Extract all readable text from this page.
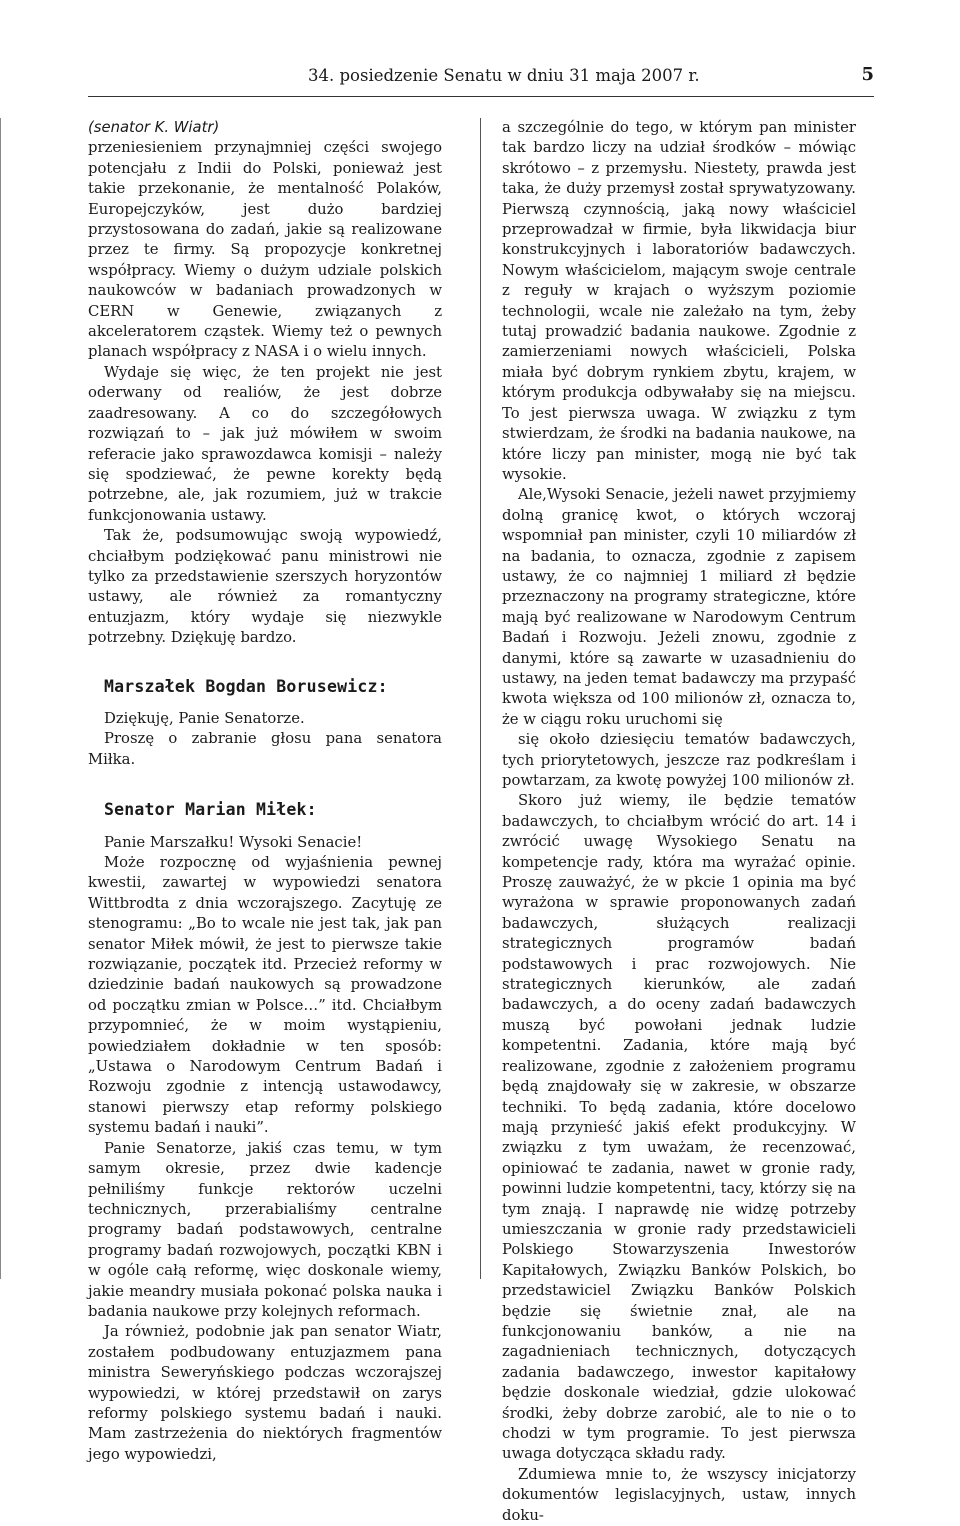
34. posiedzenie Senatu w dniu 31 maja 2007 r.	5

(senator K. Wiatr)

przeniesieniem przynajmniej części swojego potencjału z Indii do Polski, ponieważ jest takie przekonanie, że mentalność Polaków, Europejczyków, jest dużo bardziej przystosowana do zadań, jakie są realizowane przez te firmy. Są propozycje konkretnej współpracy. Wiemy o dużym udziale polskich naukowców w badaniach prowadzonych w CERN w Genewie, związanych z akceleratorem cząstek. Wiemy też o pewnych planach współpracy z NASA i o wielu innych.

Wydaje się więc, że ten projekt nie jest oderwany od realiów, że jest dobrze zaadresowany. A co do szczegółowych rozwiązań to – jak już mówiłem w swoim referacie jako sprawozdawca komisji – należy się spodziewać, że pewne korekty będą potrzebne, ale, jak rozumiem, już w trakcie funkcjonowania ustawy.

Tak że, podsumowując swoją wypowiedź, chciałbym podziękować panu ministrowi nie tylko za przedstawienie szerszych horyzontów ustawy, ale również za romantyczny entuzjazm, który wydaje się niezwykle potrzebny. Dziękuję bardzo.

Marszałek Bogdan Borusewicz:

Dziękuję, Panie Senatorze.

Proszę o zabranie głosu pana senatora Miłka.

Senator Marian Miłek:

Panie Marszałku! Wysoki Senacie!

Może rozpocznę od wyjaśnienia pewnej kwestii, zawartej w wypowiedzi senatora Wittbrodta z dnia wczorajszego. Zacytuję ze stenogramu: „Bo to wcale nie jest tak, jak pan senator Miłek mówił, że jest to pierwsze takie rozwiązanie, początek itd. Przecież reformy w dziedzinie badań naukowych są prowadzone od początku zmian w Polsce…” itd. Chciałbym przypomnieć, że w moim wystąpieniu, powiedziałem dokładnie w ten sposób: „Ustawa o Narodowym Centrum Badań i Rozwoju zgodnie z intencją ustawodawcy, stanowi pierwszy etap reformy polskiego systemu badań i nauki”.

Panie Senatorze, jakiś czas temu, w tym samym okresie, przez dwie kadencje pełniliśmy funkcje rektorów uczelni technicznych, przerabialiśmy centralne programy badań podstawowych, centralne programy badań rozwojowych, początki KBN i w ogóle całą reformę, więc doskonale wiemy, jakie meandry musiała pokonać polska nauka i badania naukowe przy kolejnych reformach.

Ja również, podobnie jak pan senator Wiatr, zostałem podbudowany entuzjazmem pana ministra Seweryńskiego podczas wczorajszej wypowiedzi, w której przedstawił on zarys reformy polskiego systemu badań i nauki. Mam zastrzeżenia do niektórych fragmentów jego wypowiedzi,

a szczególnie do tego, w którym pan minister tak bardzo liczy na udział środków – mówiąc skrótowo – z przemysłu. Niestety, prawda jest taka, że duży przemysł został sprywatyzowany. Pierwszą czynnością, jaką nowy właściciel przeprowadzał w firmie, była likwidacja biur konstrukcyjnych i laboratoriów badawczych. Nowym właścicielom, mającym swoje centrale z reguły w krajach o wyższym poziomie technologii, wcale nie zależało na tym, żeby tutaj prowadzić badania naukowe. Zgodnie z zamierzeniami nowych właścicieli, Polska miała być dobrym rynkiem zbytu, krajem, w którym produkcja odbywałaby się na miejscu. To jest pierwsza uwaga. W związku z tym stwierdzam, że środki na badania naukowe, na które liczy pan minister, mogą nie być tak wysokie.

Ale,Wysoki Senacie, jeżeli nawet przyjmiemy dolną granicę kwot, o których wczoraj wspomniał pan minister, czyli 10 miliardów zł na badania, to oznacza, zgodnie z zapisem ustawy, że co najmniej 1 miliard zł będzie przeznaczony na programy strategiczne, które mają być realizowane w Narodowym Centrum Badań i Rozwoju. Jeżeli znowu, zgodnie z danymi, które są zawarte w uzasadnieniu do ustawy, na jeden temat badawczy ma przypaść kwota większa od 100 milionów zł, oznacza to, że w ciągu roku uruchomi się

się około dziesięciu tematów badawczych, tych priorytetowych, jeszcze raz podkreślam i powtarzam, za kwotę powyżej 100 milionów zł.

Skoro już wiemy, ile będzie tematów badawczych, to chciałbym wrócić do art. 14 i zwrócić uwagę Wysokiego Senatu na kompetencje rady, która ma wyrażać opinie. Proszę zauważyć, że w pkcie 1 opinia ma być wyrażona w sprawie proponowanych zadań badawczych, służących realizacji strategicznych programów badań podstawowych i prac rozwojowych. Nie strategicznych kierunków, ale zadań badawczych, a do oceny zadań badawczych muszą być powołani jednak ludzie kompetentni. Zadania, które mają być realizowane, zgodnie z założeniem programu będą znajdowały się w zakresie, w obszarze techniki. To będą zadania, które docelowo mają przynieść jakiś efekt produkcyjny. W związku z tym uważam, że recenzować, opiniować te zadania, nawet w gronie rady, powinni ludzie kompetentni, tacy, którzy się na tym znają. I naprawdę nie widzę potrzeby umieszczania w gronie rady przedstawicieli Polskiego Stowarzyszenia Inwestorów Kapitałowych, Związku Banków Polskich, bo przedstawiciel Związku Banków Polskich będzie się świetnie znał, ale na funkcjonowaniu banków, a nie na zagadnieniach technicznych, dotyczących zadania badawczego, inwestor kapitałowy będzie doskonale wiedział, gdzie ulokować środki, żeby dobrze zarobić, ale to nie o to chodzi w tym programie. To jest pierwsza uwaga dotycząca składu rady.

Zdumiewa mnie to, że wszyscy inicjatorzy dokumentów legislacyjnych, ustaw, innych doku-
